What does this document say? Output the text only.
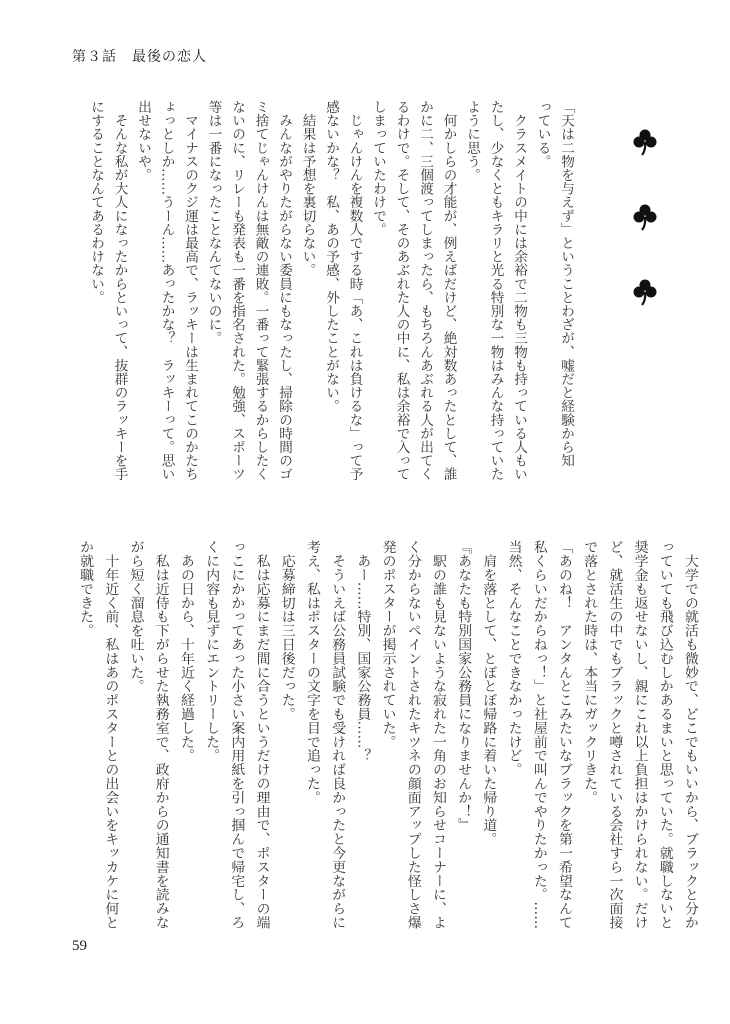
第３話　最後の恋人
「天は二物を与えず」ということわざが、嘘だと経験から知
っている。
　クラスメイトの中には余裕で二物も三物も持っている人もい
たし、少なくともキラリと光る特別な一物はみんな持っていた
ように思う。
　何かしらの才能が、例えばだけど、絶対数あったとして、誰
かに二、三個渡ってしまったら、もちろんあぶれる人が出てく
るわけで。そして、そのあぶれた人の中に、私は余裕で入って
しまっていたわけで。
　じゃんけんを複数人でする時「あ、これは負けるな」って予
感ないかな？　私、あの予感、外したことがない。
　結果は予想を裏切らない。
　みんながやりたがらない委員にもなったし、掃除の時間のゴ
ミ捨てじゃんけんは無敵の連敗。一番って緊張するからしたく
ないのに、リレーも発表も一番を指名された。勉強、スポーツ
等は一番になったことなんてないのに。
　マイナスのクジ運は最高で、ラッキーは生まれてこのかたち
ょっとしか……うーん……あったかな？　ラッキーって。思い
出せないや。
　そんな私が大人になったからといって、抜群のラッキーを手
にすることなんてあるわけない。
　大学での就活も微妙で、どこでもいいから、ブラックと分か
っていても飛び込むしかあるまいと思っていた。就職しないと
奨学金も返せないし、親にこれ以上負担はかけられない。だけ
ど、就活生の中でもブラックと噂されている会社すら一次面接
で落とされた時は、本当にガックリきた。
「あのね！　アンタんとこみたいなブラックを第一希望なんて
私くらいだからねっ！」と社屋前で叫んでやりたかった。……
当然、そんなことできなかったけど。
　肩を落として、とぼとぼ帰路に着いた帰り道。
『あなたも特別国家公務員になりませんか！』
　駅の誰も見ないような寂れた一角のお知らせコーナーに、よ
く分からないペイントされたキツネの顔面アップした怪しさ爆
発のポスターが掲示されていた。
　あー……特別、国家公務員……？
　そういえば公務員試験でも受ければ良かったと今更ながらに
考え、私はポスターの文字を目で追った。
　応募締切は三日後だった。
　私は応募にまだ間に合うというだけの理由で、ポスターの端
っこにかかってあった小さい案内用紙を引っ掴んで帰宅し、ろ
くに内容も見ずにエントリーした。
　あの日から、十年近く経過した。
　私は近侍も下がらせた執務室で、政府からの通知書を読みな
がら短く溜息を吐いた。
　十年近く前、私はあのポスターとの出会いをキッカケに何と
か就職できた。
59
